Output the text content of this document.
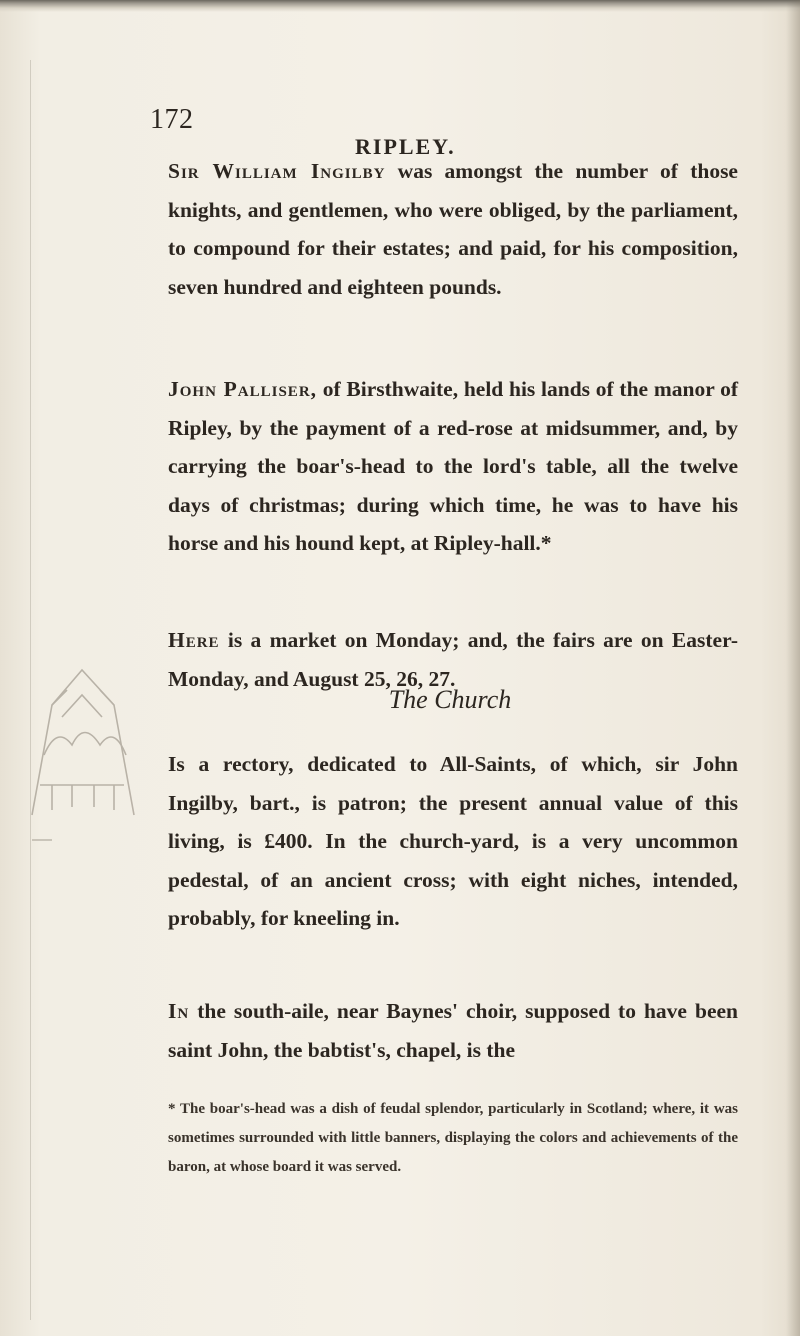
172
RIPLEY.

Sir William Ingilby was amongst the number of those knights, and gentlemen, who were obliged, by the parliament, to compound for their estates; and paid, for his composition, seven hundred and eighteen pounds.

John Palliser, of Birsthwaite, held his lands of the manor of Ripley, by the payment of a red-rose at midsummer, and, by carrying the boar's-head to the lord's table, all the twelve days of christmas; during which time, he was to have his horse and his hound kept, at Ripley-hall.*

Here is a market on Monday; and, the fairs are on Easter-Monday, and August 25, 26, 27.

The Church

Is a rectory, dedicated to All-Saints, of which, sir John Ingilby, bart., is patron; the present annual value of this living, is £400. In the church-yard, is a very uncommon pedestal, of an ancient cross; with eight niches, intended, probably, for kneeling in.

In the south-aile, near Baynes' choir, supposed to have been saint John, the babtist's, chapel, is the

* The boar's-head was a dish of feudal splendor, particularly in Scotland; where, it was sometimes surrounded with little banners, displaying the colors and achievements of the baron, at whose board it was served.
